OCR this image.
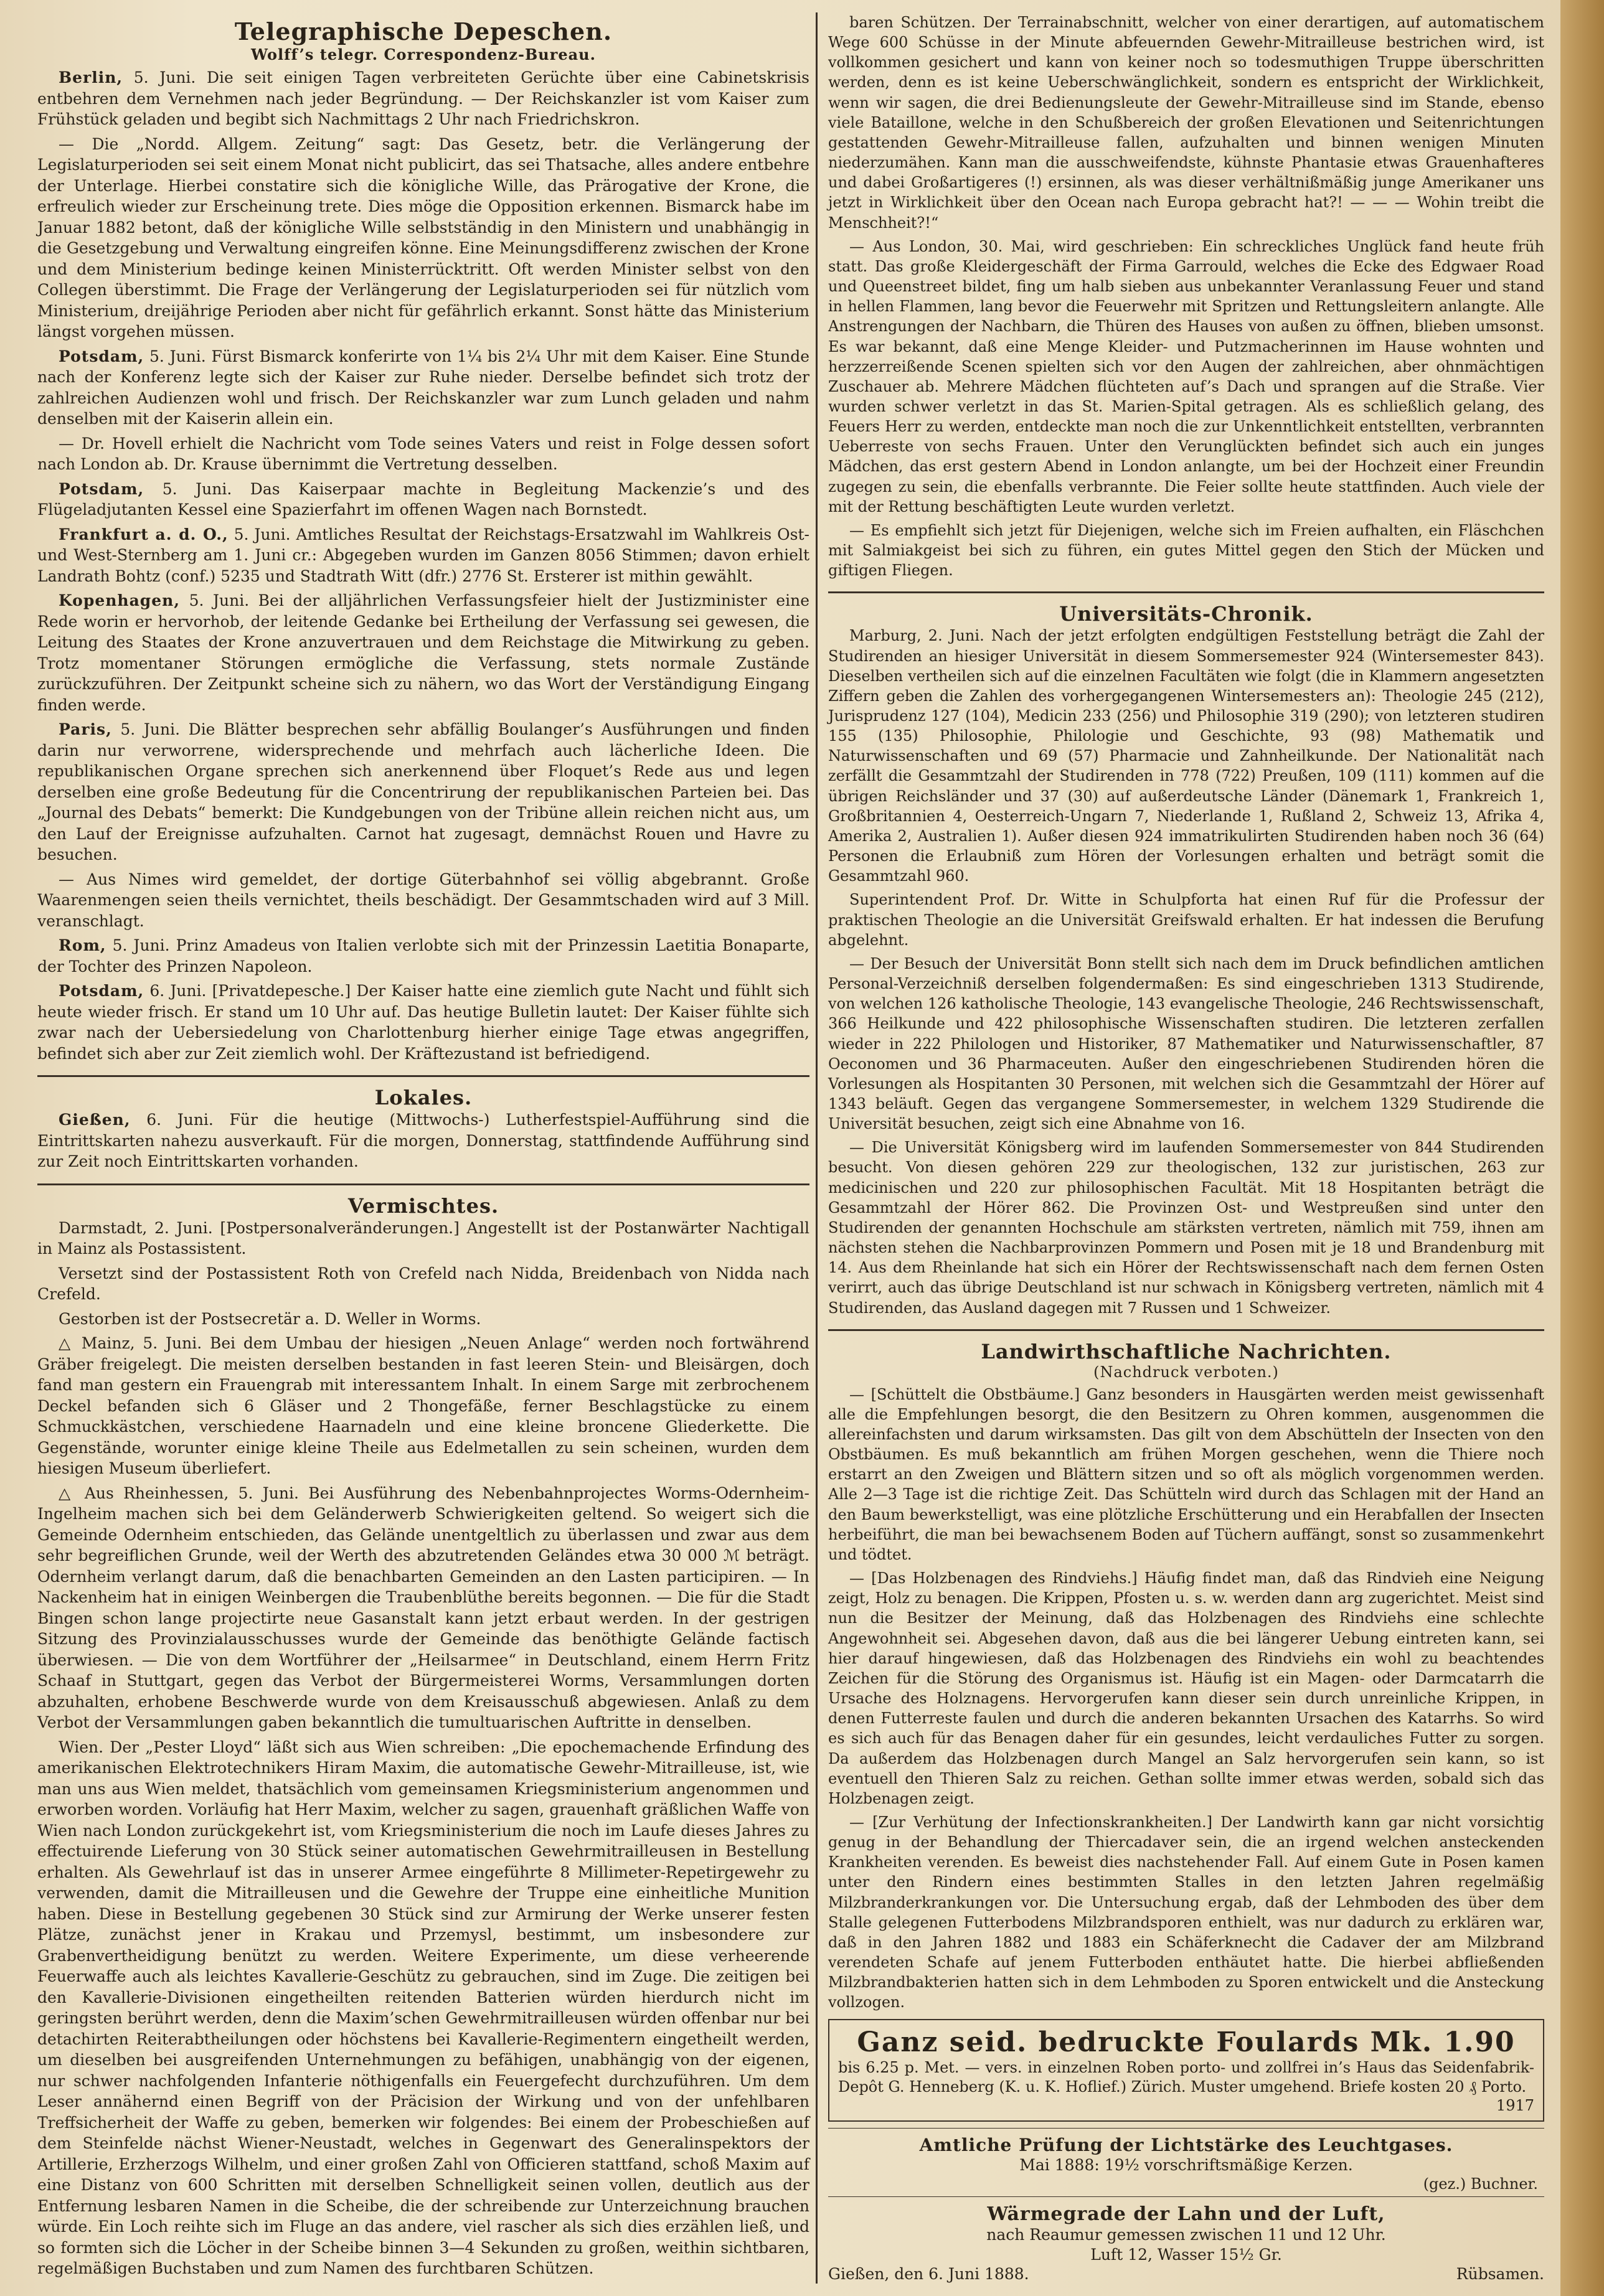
Telegraphische Depeschen.
Wolff’s telegr. Correspondenz-Bureau.

Berlin, 5. Juni. Die seit einigen Tagen verbreiteten Gerüchte über eine Cabinetskrisis entbehren dem Vernehmen nach jeder Begründung. — Der Reichskanzler ist vom Kaiser zum Frühstück geladen und begibt sich Nachmittags 2 Uhr nach Friedrichskron.

— Die „Nordd. Allgem. Zeitung“ sagt: Das Gesetz, betr. die Verlängerung der Legislaturperioden sei seit einem Monat nicht publicirt, das sei Thatsache, alles andere entbehre der Unterlage. Hierbei constatire sich die königliche Wille, das Prärogative der Krone, die erfreulich wieder zur Erscheinung trete. Dies möge die Opposition erkennen. Bismarck habe im Januar 1882 betont, daß der königliche Wille selbstständig in den Ministern und unabhängig in die Gesetzgebung und Verwaltung eingreifen könne. Eine Meinungsdifferenz zwischen der Krone und dem Ministerium bedinge keinen Ministerrücktritt. Oft werden Minister selbst von den Collegen überstimmt. Die Frage der Verlängerung der Legislaturperioden sei für nützlich vom Ministerium, dreijährige Perioden aber nicht für gefährlich erkannt. Sonst hätte das Ministerium längst vorgehen müssen.

Potsdam, 5. Juni. Fürst Bismarck konferirte von 1¼ bis 2¼ Uhr mit dem Kaiser. Eine Stunde nach der Konferenz legte sich der Kaiser zur Ruhe nieder. Derselbe befindet sich trotz der zahlreichen Audienzen wohl und frisch. Der Reichskanzler war zum Lunch geladen und nahm denselben mit der Kaiserin allein ein.

— Dr. Hovell erhielt die Nachricht vom Tode seines Vaters und reist in Folge dessen sofort nach London ab. Dr. Krause übernimmt die Vertretung desselben.

Potsdam, 5. Juni. Das Kaiserpaar machte in Begleitung Mackenzie’s und des Flügeladjutanten Kessel eine Spazierfahrt im offenen Wagen nach Bornstedt.

Frankfurt a. d. O., 5. Juni. Amtliches Resultat der Reichstags-Ersatzwahl im Wahlkreis Ost- und West-Sternberg am 1. Juni cr.: Abgegeben wurden im Ganzen 8056 Stimmen; davon erhielt Landrath Bohtz (conf.) 5235 und Stadtrath Witt (dfr.) 2776 St. Ersterer ist mithin gewählt.

Kopenhagen, 5. Juni. Bei der alljährlichen Verfassungsfeier hielt der Justizminister eine Rede worin er hervorhob, der leitende Gedanke bei Ertheilung der Verfassung sei gewesen, die Leitung des Staates der Krone anzuvertrauen und dem Reichstage die Mitwirkung zu geben. Trotz momentaner Störungen ermögliche die Verfassung, stets normale Zustände zurückzuführen. Der Zeitpunkt scheine sich zu nähern, wo das Wort der Verständigung Eingang finden werde.

Paris, 5. Juni. Die Blätter besprechen sehr abfällig Boulanger’s Ausführungen und finden darin nur verworrene, widersprechende und mehrfach auch lächerliche Ideen. Die republikanischen Organe sprechen sich anerkennend über Floquet’s Rede aus und legen derselben eine große Bedeutung für die Concentrirung der republikanischen Parteien bei. Das „Journal des Debats“ bemerkt: Die Kundgebungen von der Tribüne allein reichen nicht aus, um den Lauf der Ereignisse aufzuhalten. Carnot hat zugesagt, demnächst Rouen und Havre zu besuchen.

— Aus Nimes wird gemeldet, der dortige Güterbahnhof sei völlig abgebrannt. Große Waarenmengen seien theils vernichtet, theils beschädigt. Der Gesammtschaden wird auf 3 Mill. veranschlagt.

Rom, 5. Juni. Prinz Amadeus von Italien verlobte sich mit der Prinzessin Laetitia Bonaparte, der Tochter des Prinzen Napoleon.

Potsdam, 6. Juni. [Privatdepesche.] Der Kaiser hatte eine ziemlich gute Nacht und fühlt sich heute wieder frisch. Er stand um 10 Uhr auf. Das heutige Bulletin lautet: Der Kaiser fühlte sich zwar nach der Uebersiedelung von Charlottenburg hierher einige Tage etwas angegriffen, befindet sich aber zur Zeit ziemlich wohl. Der Kräftezustand ist befriedigend.

Lokales.

Gießen, 6. Juni. Für die heutige (Mittwochs-) Lutherfestspiel-Aufführung sind die Eintrittskarten nahezu ausverkauft. Für die morgen, Donnerstag, stattfindende Aufführung sind zur Zeit noch Eintrittskarten vorhanden.

Vermischtes.

Darmstadt, 2. Juni. [Postpersonalveränderungen.] Angestellt ist der Postanwärter Nachtigall in Mainz als Postassistent.

Versetzt sind der Postassistent Roth von Crefeld nach Nidda, Breidenbach von Nidda nach Crefeld.

Gestorben ist der Postsecretär a. D. Weller in Worms.

△ Mainz, 5. Juni. Bei dem Umbau der hiesigen „Neuen Anlage“ werden noch fortwährend Gräber freigelegt. Die meisten derselben bestanden in fast leeren Stein- und Bleisärgen, doch fand man gestern ein Frauengrab mit interessantem Inhalt. In einem Sarge mit zerbrochenem Deckel befanden sich 6 Gläser und 2 Thongefäße, ferner Beschlagstücke zu einem Schmuckkästchen, verschiedene Haarnadeln und eine kleine broncene Gliederkette. Die Gegenstände, worunter einige kleine Theile aus Edelmetallen zu sein scheinen, wurden dem hiesigen Museum überliefert.

△ Aus Rheinhessen, 5. Juni. Bei Ausführung des Nebenbahnprojectes Worms-Odernheim-Ingelheim machen sich bei dem Geländerwerb Schwierigkeiten geltend. So weigert sich die Gemeinde Odernheim entschieden, das Gelände unentgeltlich zu überlassen und zwar aus dem sehr begreiflichen Grunde, weil der Werth des abzutretenden Geländes etwa 30 000 ℳ beträgt. Odernheim verlangt darum, daß die benachbarten Gemeinden an den Lasten participiren. — In Nackenheim hat in einigen Weinbergen die Traubenblüthe bereits begonnen. — Die für die Stadt Bingen schon lange projectirte neue Gasanstalt kann jetzt erbaut werden. In der gestrigen Sitzung des Provinzialausschusses wurde der Gemeinde das benöthigte Gelände factisch überwiesen. — Die von dem Wortführer der „Heilsarmee“ in Deutschland, einem Herrn Fritz Schaaf in Stuttgart, gegen das Verbot der Bürgermeisterei Worms, Versammlungen dorten abzuhalten, erhobene Beschwerde wurde von dem Kreisausschuß abgewiesen. Anlaß zu dem Verbot der Versammlungen gaben bekanntlich die tumultuarischen Auftritte in denselben.

Wien. Der „Pester Lloyd“ läßt sich aus Wien schreiben: „Die epochemachende Erfindung des amerikanischen Elektrotechnikers Hiram Maxim, die automatische Gewehr-Mitrailleuse, ist, wie man uns aus Wien meldet, thatsächlich vom gemeinsamen Kriegsministerium angenommen und erworben worden. Vorläufig hat Herr Maxim, welcher zu sagen, grauenhaft gräßlichen Waffe von Wien nach London zurückgekehrt ist, vom Kriegsministerium die noch im Laufe dieses Jahres zu effectuirende Lieferung von 30 Stück seiner automatischen Gewehrmitrailleusen in Bestellung erhalten. Als Gewehrlauf ist das in unserer Armee eingeführte 8 Millimeter-Repetirgewehr zu verwenden, damit die Mitrailleusen und die Gewehre der Truppe eine einheitliche Munition haben. Diese in Bestellung gegebenen 30 Stück sind zur Armirung der Werke unserer festen Plätze, zunächst jener in Krakau und Przemysl, bestimmt, um insbesondere zur Grabenvertheidigung benützt zu werden. Weitere Experimente, um diese verheerende Feuerwaffe auch als leichtes Kavallerie-Geschütz zu gebrauchen, sind im Zuge. Die zeitigen bei den Kavallerie-Divisionen eingetheilten reitenden Batterien würden hierdurch nicht im geringsten berührt werden, denn die Maxim’schen Gewehrmitrailleusen würden offenbar nur bei detachirten Reiterabtheilungen oder höchstens bei Kavallerie-Regimentern eingetheilt werden, um dieselben bei ausgreifenden Unternehmungen zu befähigen, unabhängig von der eigenen, nur schwer nachfolgenden Infanterie nöthigenfalls ein Feuergefecht durchzuführen. Um dem Leser annähernd einen Begriff von der Präcision der Wirkung und von der unfehlbaren Treffsicherheit der Waffe zu geben, bemerken wir folgendes: Bei einem der Probeschießen auf dem Steinfelde nächst Wiener-Neustadt, welches in Gegenwart des Generalinspektors der Artillerie, Erzherzogs Wilhelm, und einer großen Zahl von Officieren stattfand, schoß Maxim auf eine Distanz von 600 Schritten mit derselben Schnelligkeit seinen vollen, deutlich aus der Entfernung lesbaren Namen in die Scheibe, die der schreibende zur Unterzeichnung brauchen würde. Ein Loch reihte sich im Fluge an das andere, viel rascher als sich dies erzählen ließ, und so formten sich die Löcher in der Scheibe binnen 3—4 Sekunden zu großen, weithin sichtbaren, regelmäßigen Buchstaben und zum Namen des furchtbaren Schützen.

baren Schützen. Der Terrainabschnitt, welcher von einer derartigen, auf automatischem Wege 600 Schüsse in der Minute abfeuernden Gewehr-Mitrailleuse bestrichen wird, ist vollkommen gesichert und kann von keiner noch so todesmuthigen Truppe überschritten werden, denn es ist keine Ueberschwänglichkeit, sondern es entspricht der Wirklichkeit, wenn wir sagen, die drei Bedienungsleute der Gewehr-Mitrailleuse sind im Stande, ebenso viele Bataillone, welche in den Schußbereich der großen Elevationen und Seitenrichtungen gestattenden Gewehr-Mitrailleuse fallen, aufzuhalten und binnen wenigen Minuten niederzumähen. Kann man die ausschweifendste, kühnste Phantasie etwas Grauenhafteres und dabei Großartigeres (!) ersinnen, als was dieser verhältnißmäßig junge Amerikaner uns jetzt in Wirklichkeit über den Ocean nach Europa gebracht hat?! — — — Wohin treibt die Menschheit?!“

— Aus London, 30. Mai, wird geschrieben: Ein schreckliches Unglück fand heute früh statt. Das große Kleidergeschäft der Firma Garrould, welches die Ecke des Edgwaer Road und Queenstreet bildet, fing um halb sieben aus unbekannter Veranlassung Feuer und stand in hellen Flammen, lang bevor die Feuerwehr mit Spritzen und Rettungsleitern anlangte. Alle Anstrengungen der Nachbarn, die Thüren des Hauses von außen zu öffnen, blieben umsonst. Es war bekannt, daß eine Menge Kleider- und Putzmacherinnen im Hause wohnten und herzzerreißende Scenen spielten sich vor den Augen der zahlreichen, aber ohnmächtigen Zuschauer ab. Mehrere Mädchen flüchteten auf’s Dach und sprangen auf die Straße. Vier wurden schwer verletzt in das St. Marien-Spital getragen. Als es schließlich gelang, des Feuers Herr zu werden, entdeckte man noch die zur Unkenntlichkeit entstellten, verbrannten Ueberreste von sechs Frauen. Unter den Verunglückten befindet sich auch ein junges Mädchen, das erst gestern Abend in London anlangte, um bei der Hochzeit einer Freundin zugegen zu sein, die ebenfalls verbrannte. Die Feier sollte heute stattfinden. Auch viele der mit der Rettung beschäftigten Leute wurden verletzt.

— Es empfiehlt sich jetzt für Diejenigen, welche sich im Freien aufhalten, ein Fläschchen mit Salmiakgeist bei sich zu führen, ein gutes Mittel gegen den Stich der Mücken und giftigen Fliegen.

Universitäts-Chronik.

Marburg, 2. Juni. Nach der jetzt erfolgten endgültigen Feststellung beträgt die Zahl der Studirenden an hiesiger Universität in diesem Sommersemester 924 (Wintersemester 843). Dieselben vertheilen sich auf die einzelnen Facultäten wie folgt (die in Klammern angesetzten Ziffern geben die Zahlen des vorhergegangenen Wintersemesters an): Theologie 245 (212), Jurisprudenz 127 (104), Medicin 233 (256) und Philosophie 319 (290); von letzteren studiren 155 (135) Philosophie, Philologie und Geschichte, 93 (98) Mathematik und Naturwissenschaften und 69 (57) Pharmacie und Zahnheilkunde. Der Nationalität nach zerfällt die Gesammtzahl der Studirenden in 778 (722) Preußen, 109 (111) kommen auf die übrigen Reichsländer und 37 (30) auf außerdeutsche Länder (Dänemark 1, Frankreich 1, Großbritannien 4, Oesterreich-Ungarn 7, Niederlande 1, Rußland 2, Schweiz 13, Afrika 4, Amerika 2, Australien 1). Außer diesen 924 immatrikulirten Studirenden haben noch 36 (64) Personen die Erlaubniß zum Hören der Vorlesungen erhalten und beträgt somit die Gesammtzahl 960.

Superintendent Prof. Dr. Witte in Schulpforta hat einen Ruf für die Professur der praktischen Theologie an die Universität Greifswald erhalten. Er hat indessen die Berufung abgelehnt.

— Der Besuch der Universität Bonn stellt sich nach dem im Druck befindlichen amtlichen Personal-Verzeichniß derselben folgendermaßen: Es sind eingeschrieben 1313 Studirende, von welchen 126 katholische Theologie, 143 evangelische Theologie, 246 Rechtswissenschaft, 366 Heilkunde und 422 philosophische Wissenschaften studiren. Die letzteren zerfallen wieder in 222 Philologen und Historiker, 87 Mathematiker und Naturwissenschaftler, 87 Oeconomen und 36 Pharmaceuten. Außer den eingeschriebenen Studirenden hören die Vorlesungen als Hospitanten 30 Personen, mit welchen sich die Gesammtzahl der Hörer auf 1343 beläuft. Gegen das vergangene Sommersemester, in welchem 1329 Studirende die Universität besuchen, zeigt sich eine Abnahme von 16.

— Die Universität Königsberg wird im laufenden Sommersemester von 844 Studirenden besucht. Von diesen gehören 229 zur theologischen, 132 zur juristischen, 263 zur medicinischen und 220 zur philosophischen Facultät. Mit 18 Hospitanten beträgt die Gesammtzahl der Hörer 862. Die Provinzen Ost- und Westpreußen sind unter den Studirenden der genannten Hochschule am stärksten vertreten, nämlich mit 759, ihnen am nächsten stehen die Nachbarprovinzen Pommern und Posen mit je 18 und Brandenburg mit 14. Aus dem Rheinlande hat sich ein Hörer der Rechtswissenschaft nach dem fernen Osten verirrt, auch das übrige Deutschland ist nur schwach in Königsberg vertreten, nämlich mit 4 Studirenden, das Ausland dagegen mit 7 Russen und 1 Schweizer.

Landwirthschaftliche Nachrichten.
(Nachdruck verboten.)

— [Schüttelt die Obstbäume.] Ganz besonders in Hausgärten werden meist gewissenhaft alle die Empfehlungen besorgt, die den Besitzern zu Ohren kommen, ausgenommen die allereinfachsten und darum wirksamsten. Das gilt von dem Abschütteln der Insecten von den Obstbäumen. Es muß bekanntlich am frühen Morgen geschehen, wenn die Thiere noch erstarrt an den Zweigen und Blättern sitzen und so oft als möglich vorgenommen werden. Alle 2—3 Tage ist die richtige Zeit. Das Schütteln wird durch das Schlagen mit der Hand an den Baum bewerkstelligt, was eine plötzliche Erschütterung und ein Herabfallen der Insecten herbeiführt, die man bei bewachsenem Boden auf Tüchern auffängt, sonst so zusammenkehrt und tödtet.

— [Das Holzbenagen des Rindviehs.] Häufig findet man, daß das Rindvieh eine Neigung zeigt, Holz zu benagen. Die Krippen, Pfosten u. s. w. werden dann arg zugerichtet. Meist sind nun die Besitzer der Meinung, daß das Holzbenagen des Rindviehs eine schlechte Angewohnheit sei. Abgesehen davon, daß aus die bei längerer Uebung eintreten kann, sei hier darauf hingewiesen, daß das Holzbenagen des Rindviehs ein wohl zu beachtendes Zeichen für die Störung des Organismus ist. Häufig ist ein Magen- oder Darmcatarrh die Ursache des Holznagens. Hervorgerufen kann dieser sein durch unreinliche Krippen, in denen Futterreste faulen und durch die anderen bekannten Ursachen des Katarrhs. So wird es sich auch für das Benagen daher für ein gesundes, leicht verdauliches Futter zu sorgen. Da außerdem das Holzbenagen durch Mangel an Salz hervorgerufen sein kann, so ist eventuell den Thieren Salz zu reichen. Gethan sollte immer etwas werden, sobald sich das Holzbenagen zeigt.

— [Zur Verhütung der Infectionskrankheiten.] Der Landwirth kann gar nicht vorsichtig genug in der Behandlung der Thiercadaver sein, die an irgend welchen ansteckenden Krankheiten verenden. Es beweist dies nachstehender Fall. Auf einem Gute in Posen kamen unter den Rindern eines bestimmten Stalles in den letzten Jahren regelmäßig Milzbranderkrankungen vor. Die Untersuchung ergab, daß der Lehmboden des über dem Stalle gelegenen Futterbodens Milzbrandsporen enthielt, was nur dadurch zu erklären war, daß in den Jahren 1882 und 1883 ein Schäferknecht die Cadaver der am Milzbrand verendeten Schafe auf jenem Futterboden enthäutet hatte. Die hierbei abfließenden Milzbrandbakterien hatten sich in dem Lehmboden zu Sporen entwickelt und die Ansteckung vollzogen.

Ganz seid. bedruckte Foulards Mk. 1.90
bis 6.25 p. Met. — vers. in einzelnen Roben porto- und zollfrei in’s Haus das Seidenfabrik-Depôt G. Henneberg (K. u. K. Hoflief.) Zürich. Muster umgehend. Briefe kosten 20 ₰ Porto.
1917
Amtliche Prüfung der Lichtstärke des Leuchtgases.
Mai 1888: 19½ vorschriftsmäßige Kerzen.
(gez.) Buchner.
Wärmegrade der Lahn und der Luft,
nach Reaumur gemessen zwischen 11 und 12 Uhr.
Luft 12, Wasser 15½ Gr.
Gießen, den 6. Juni 1888.	Rübsamen.
